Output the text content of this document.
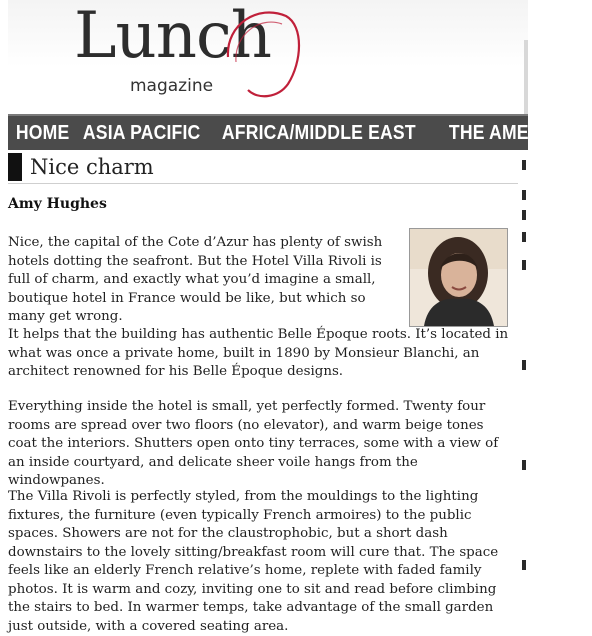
Lunch
magazine
HOME ASIA PACIFIC	AFRICA/MIDDLE EAST	THE AMERICAS
Nice charm
Amy Hughes

Nice, the capital of the Cote d’Azur has plenty of swish hotels dotting the seafront. But the Hotel Villa Rivoli is full of charm, and exactly what you’d imagine a small, boutique hotel in France would be like, but which so many get wrong.

It helps that the building has authentic Belle Époque roots. It’s located in what was once a private home, built in 1890 by Monsieur Blanchi, an architect renowned for his Belle Époque designs.

Everything inside the hotel is small, yet perfectly formed. Twenty four rooms are spread over two floors (no elevator), and warm beige tones coat the interiors. Shutters open onto tiny terraces, some with a view of an inside courtyard, and delicate sheer voile hangs from the windowpanes.

The Villa Rivoli is perfectly styled, from the mouldings to the lighting fixtures, the furniture (even typically French armoires) to the public spaces. Showers are not for the claustrophobic, but a short dash downstairs to the lovely sitting/breakfast room will cure that. The space feels like an elderly French relative’s home, replete with faded family photos. It is warm and cozy, inviting one to sit and read before climbing the stairs to bed. In warmer temps, take advantage of the small garden just outside, with a covered seating area.
